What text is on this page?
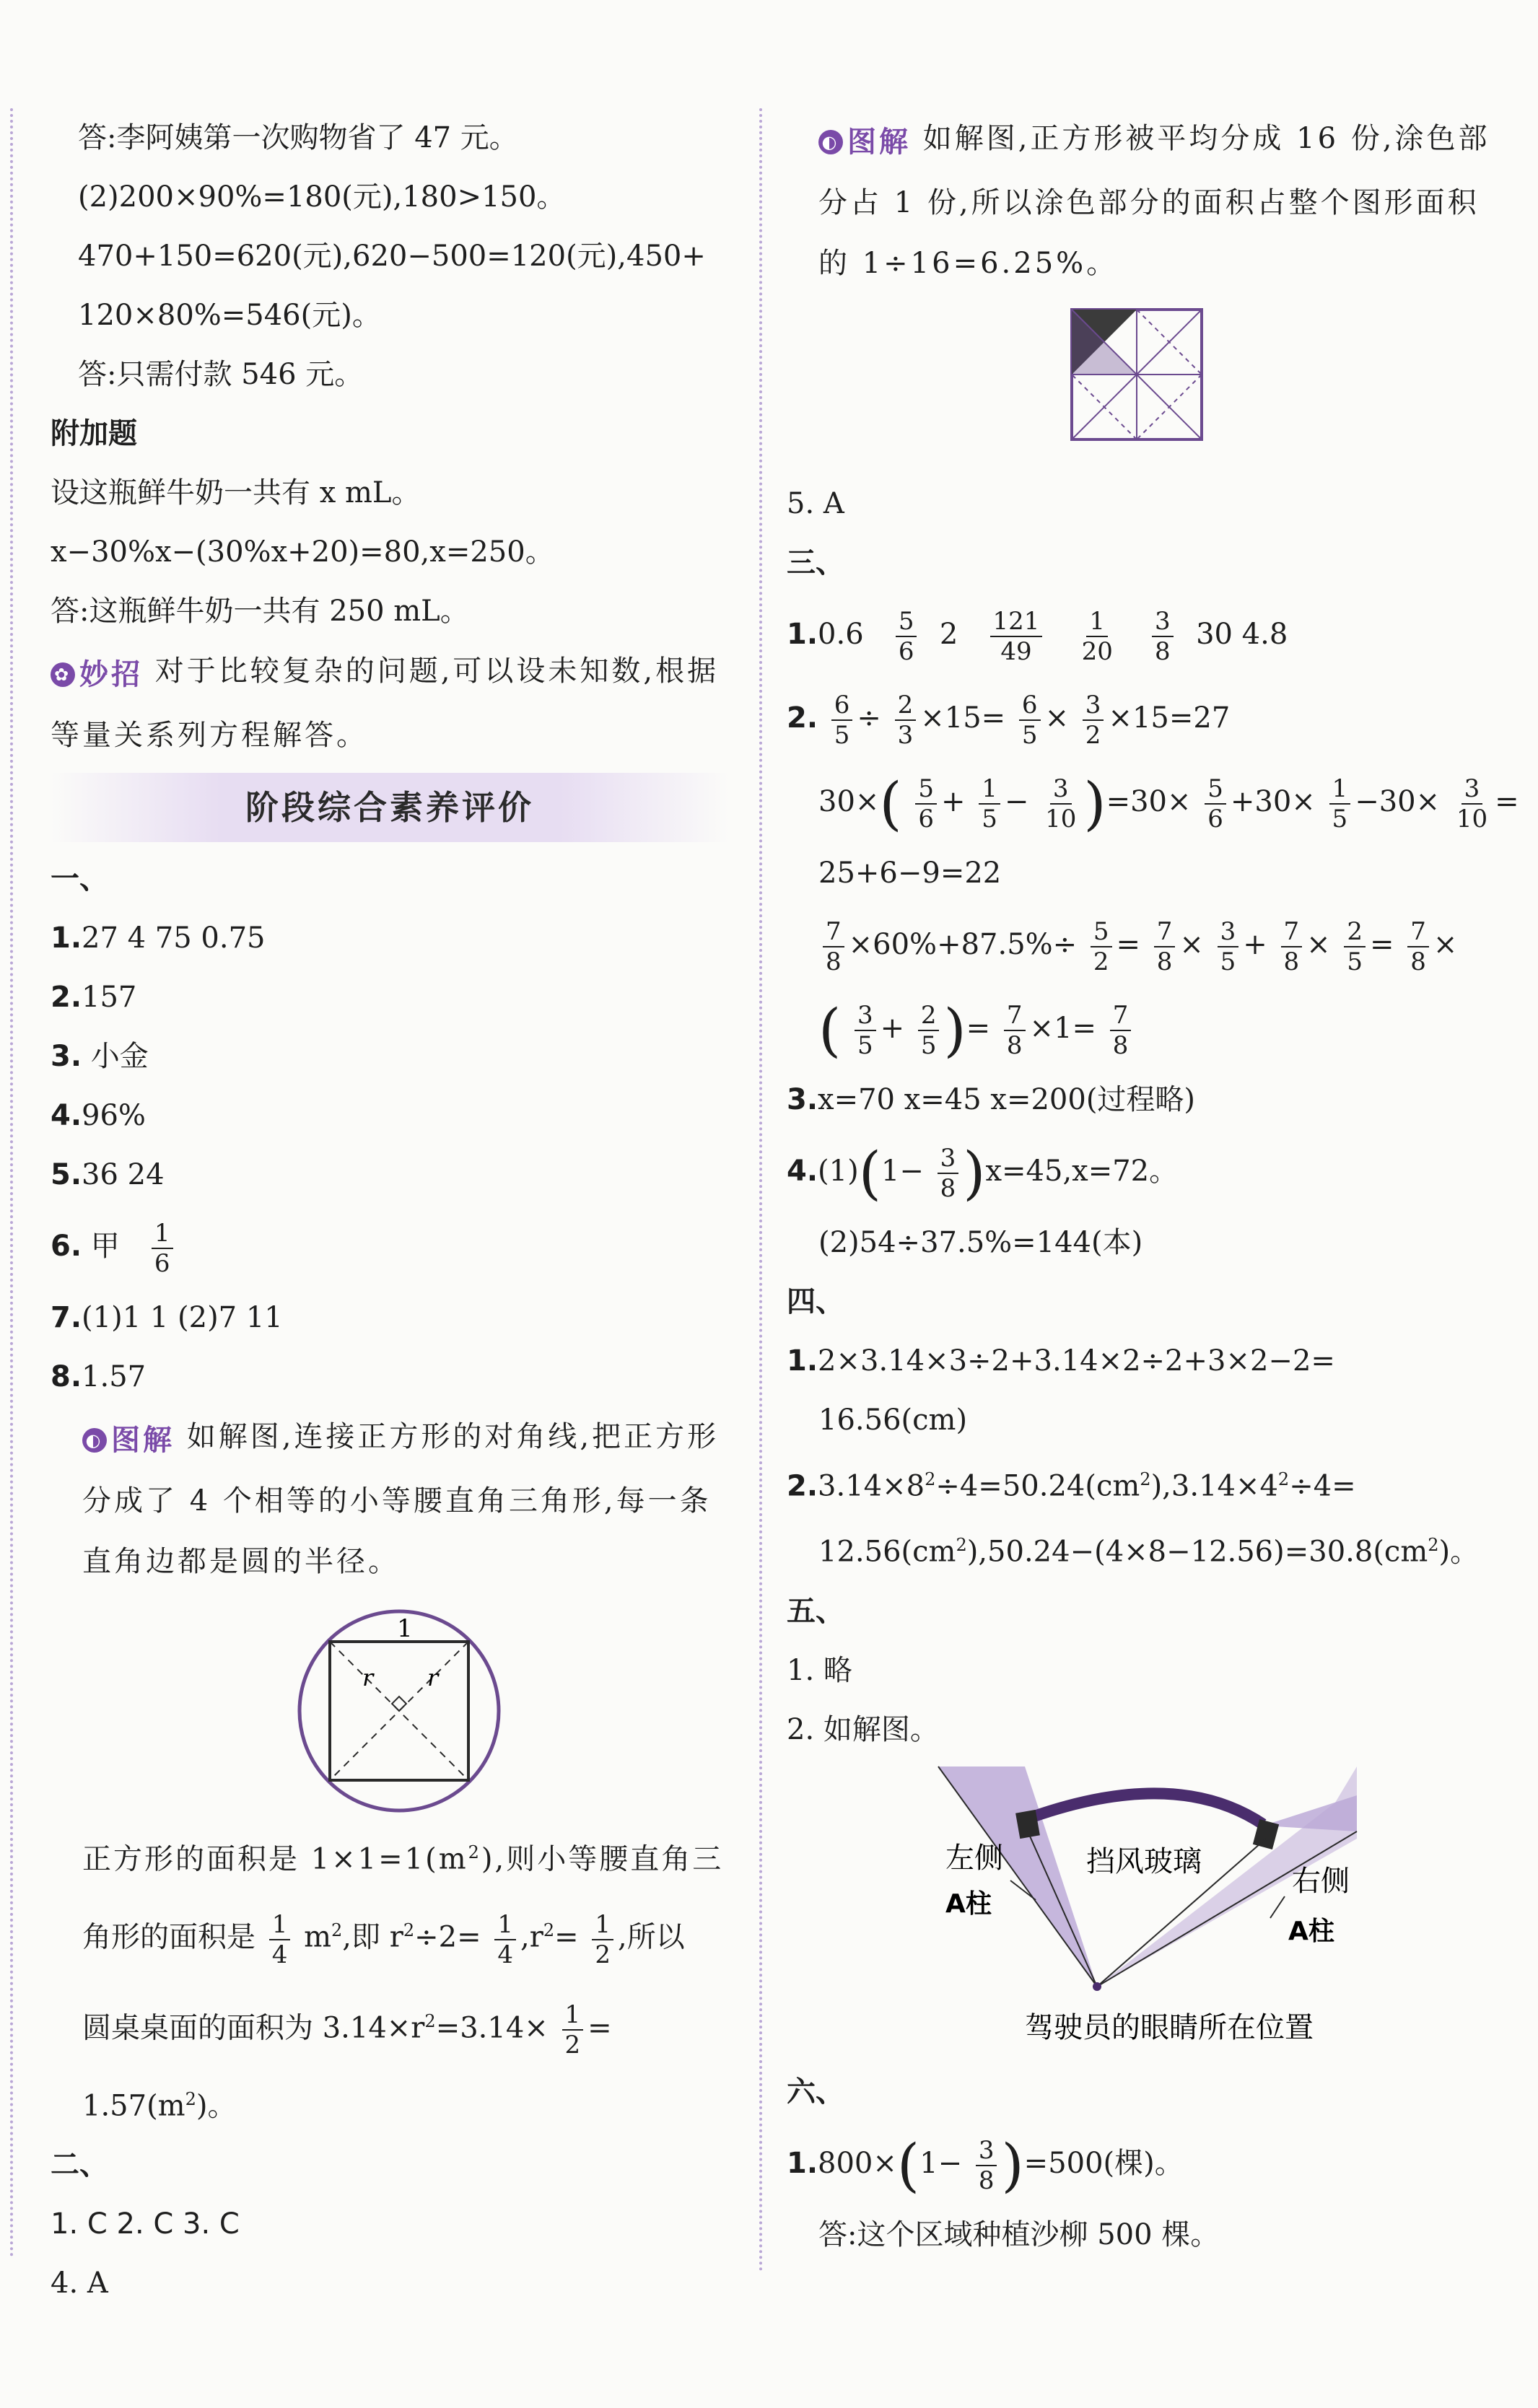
答:李阿姨第一次购物省了 47 元。
(2)200×90%=180(元),180>150。
470+150=620(元),620−500=120(元),450+
120×80%=546(元)。
答:只需付款 546 元。
附加题
设这瓶鲜牛奶一共有 x mL。
x−30%x−(30%x+20)=80,x=250。
答:这瓶鲜牛奶一共有 250 mL。
✿ 妙招 对于比较复杂的问题,可以设未知数,根据等量关系列方程解答。
阶段综合素养评价
一、
1.27 4 75 0.75
2.157
3. 小金
4.96%
5.36 24
6. 甲 $\frac{1}{6}$
7.(1)1 1 (2)7 11
8.1.57
◐ 图解 如解图,连接正方形的对角线,把正方形分成了 4 个相等的小等腰直角三角形,每一条直角边都是圆的半径。
1
r r
正方形的面积是 $1\times 1=1(m^2)$,则小等腰直角三
角形的面积是 $\frac{1}{4} m^2$,即 $r^2\div 2= \frac{1}{4} ,r^2= \frac{1}{2}$ ,所以
圆桌桌面的面积为 $3.14\times r^2=3.14\times \frac{1}{2}$ =
$1.57(m^2)$。
二、
1. C 2. C 3. C
4. A
◐ 图解 如解图,正方形被平均分成 16 份,涂色部分占 1 份,所以涂色部分的面积占整个图形面积的 1÷16=6.25%。
5. A
三、
$1.0.6 \frac{5}{6} 2 \frac{121}{49}$
$\frac{1}{20}$
$\frac{3}{8} 30$ 4.8
2. $\frac{6}{5} \div \frac{2}{3} \times 15= \frac{6}{5} \times \frac{3}{2} \times 15=27$
$30\times( \frac{5}{6} + \frac{1}{5} - \frac{3}{10} )=30\times \frac{5}{6} +30\times \frac{1}{5} -30\times \frac{3}{10}$ =
25+6−9=22
$\frac{7}{8} \times 60\%+87.5\%\div \frac{5}{2} = \frac{7}{8} \times \frac{3}{5} + \frac{7}{8} \times \frac{2}{5} = \frac{7}{8}$ ×
( $\frac{3}{5} + \frac{2}{5}$ )= $\frac{7}{8} \times 1= \frac{7}{8}$
3.x=70 x=45 x=200(过程略)
$4.(1)(1- \frac{3}{8} )x=45,x=72$。
(2)54÷37.5%=144(本)
四、
1.2×3.14×3÷2+3.14×2÷2+3×2−2=
16.56(cm)
$2.3.14\times 8^2\div 4=50.24(cm^2),3.14\times 4^2\div 4=$
$12.56(cm^2),50.24-(4\times 8-12.56)=30.8(cm^2)$。
五、
1. 略
2. 如解图。
左侧
A柱
挡风玻璃
右侧
A柱
驾驶员的眼睛所在位置
六、
$1.800\times(1- \frac{3}{8} )=500$(棵)。
答:这个区域种植沙柳 500 棵。
